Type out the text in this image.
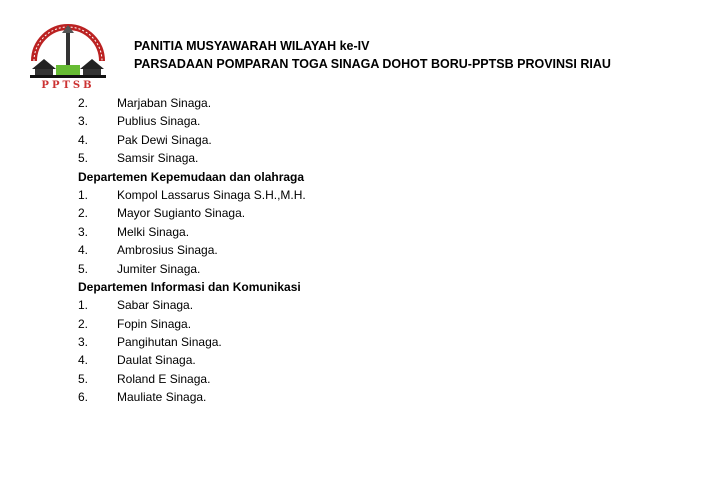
PPTSB
PANITIA MUSYAWARAH WILAYAH ke-IV
PARSADAAN POMPARAN TOGA SINAGA DOHOT BORU-PPTSB PROVINSI RIAU
2. Marjaban Sinaga.
3. Publius Sinaga.
4. Pak Dewi Sinaga.
5. Samsir Sinaga.
Departemen Kepemudaan dan olahraga
1. Kompol Lassarus Sinaga S.H.,M.H.
2. Mayor Sugianto Sinaga.
3. Melki Sinaga.
4. Ambrosius Sinaga.
5. Jumiter Sinaga.
Departemen Informasi dan Komunikasi
1. Sabar Sinaga.
2. Fopin Sinaga.
3. Pangihutan Sinaga.
4. Daulat Sinaga.
5. Roland E Sinaga.
6. Mauliate Sinaga.
